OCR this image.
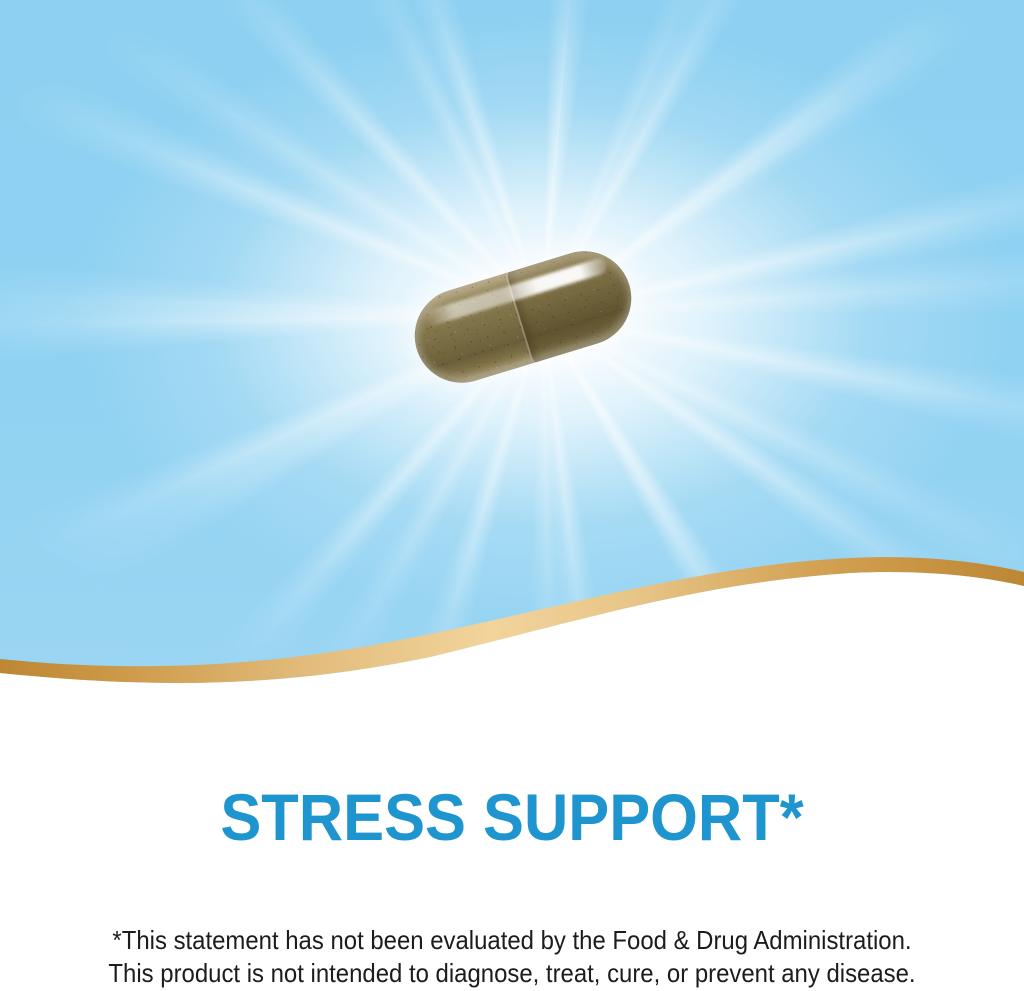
STRESS SUPPORT*

*This statement has not been evaluated by the Food & Drug Administration.
This product is not intended to diagnose, treat, cure, or prevent any disease.
